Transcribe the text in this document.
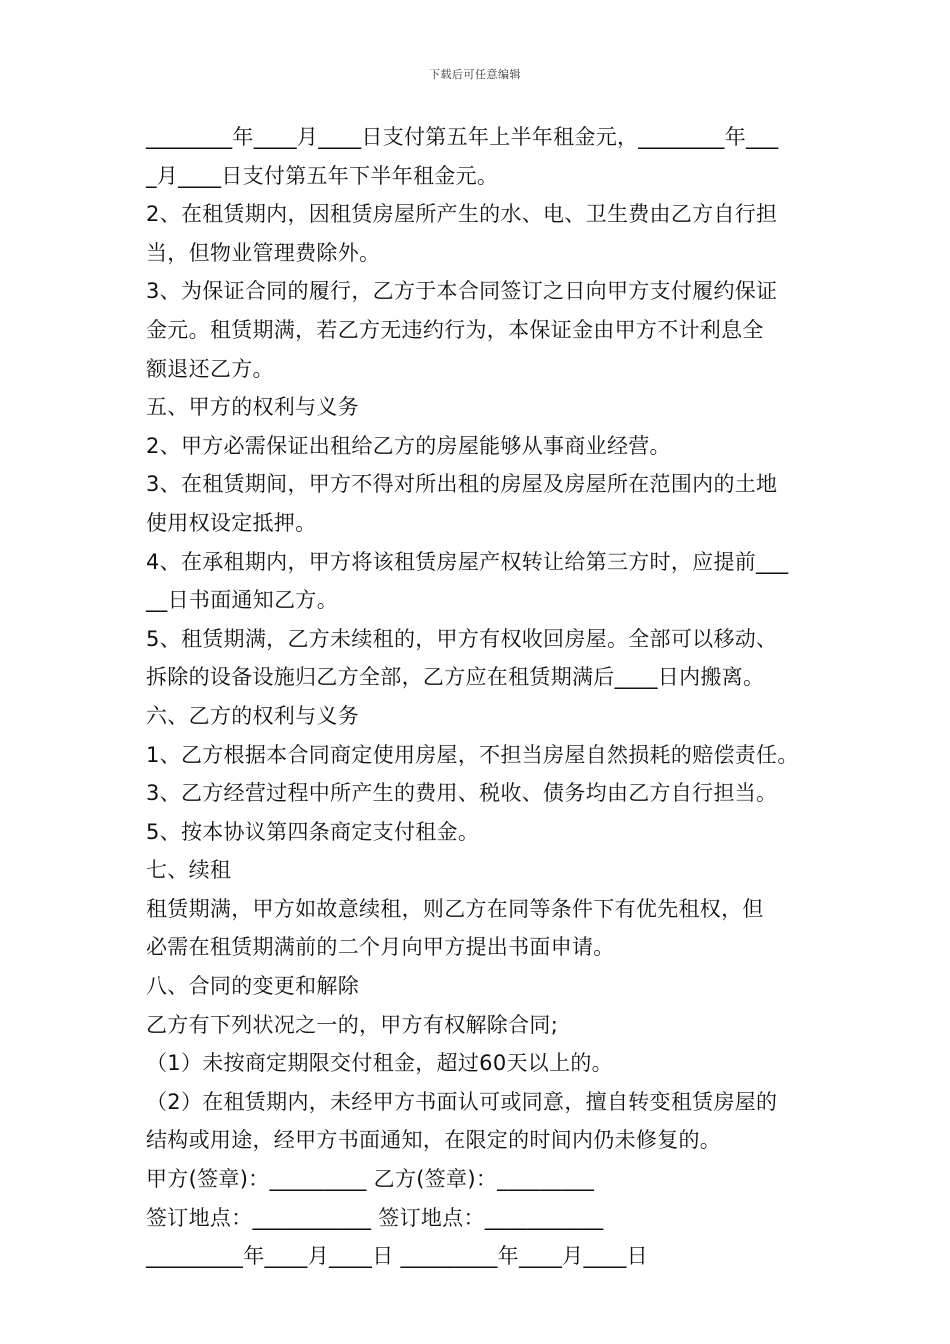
下载后可任意编辑
________年____月____日支付第五年上半年租金元，________年___
_月____日支付第五年下半年租金元。
2、在租赁期内，因租赁房屋所产生的水、电、卫生费由乙方自行担
当，但物业管理费除外。
3、为保证合同的履行，乙方于本合同签订之日向甲方支付履约保证
金元。租赁期满，若乙方无违约行为，本保证金由甲方不计利息全
额退还乙方。
五、甲方的权利与义务
2、甲方必需保证出租给乙方的房屋能够从事商业经营。
3、在租赁期间，甲方不得对所出租的房屋及房屋所在范围内的土地
使用权设定抵押。
4、在承租期内，甲方将该租赁房屋产权转让给第三方时，应提前___
__日书面通知乙方。
5、租赁期满，乙方未续租的，甲方有权收回房屋。全部可以移动、
拆除的设备设施归乙方全部，乙方应在租赁期满后____日内搬离。
六、乙方的权利与义务
1、乙方根据本合同商定使用房屋，不担当房屋自然损耗的赔偿责任。
3、乙方经营过程中所产生的费用、税收、债务均由乙方自行担当。
5、按本协议第四条商定支付租金。
七、续租
租赁期满，甲方如故意续租，则乙方在同等条件下有优先租权，但
必需在租赁期满前的二个月向甲方提出书面申请。
八、合同的变更和解除
乙方有下列状况之一的，甲方有权解除合同;
（1）未按商定期限交付租金，超过60天以上的。
（2）在租赁期内，未经甲方书面认可或同意，擅自转变租赁房屋的
结构或用途，经甲方书面通知，在限定的时间内仍未修复的。
甲方(签章)：_________ 乙方(签章)：_________
签订地点：___________ 签订地点：___________
_________年____月____日 _________年____月____日
